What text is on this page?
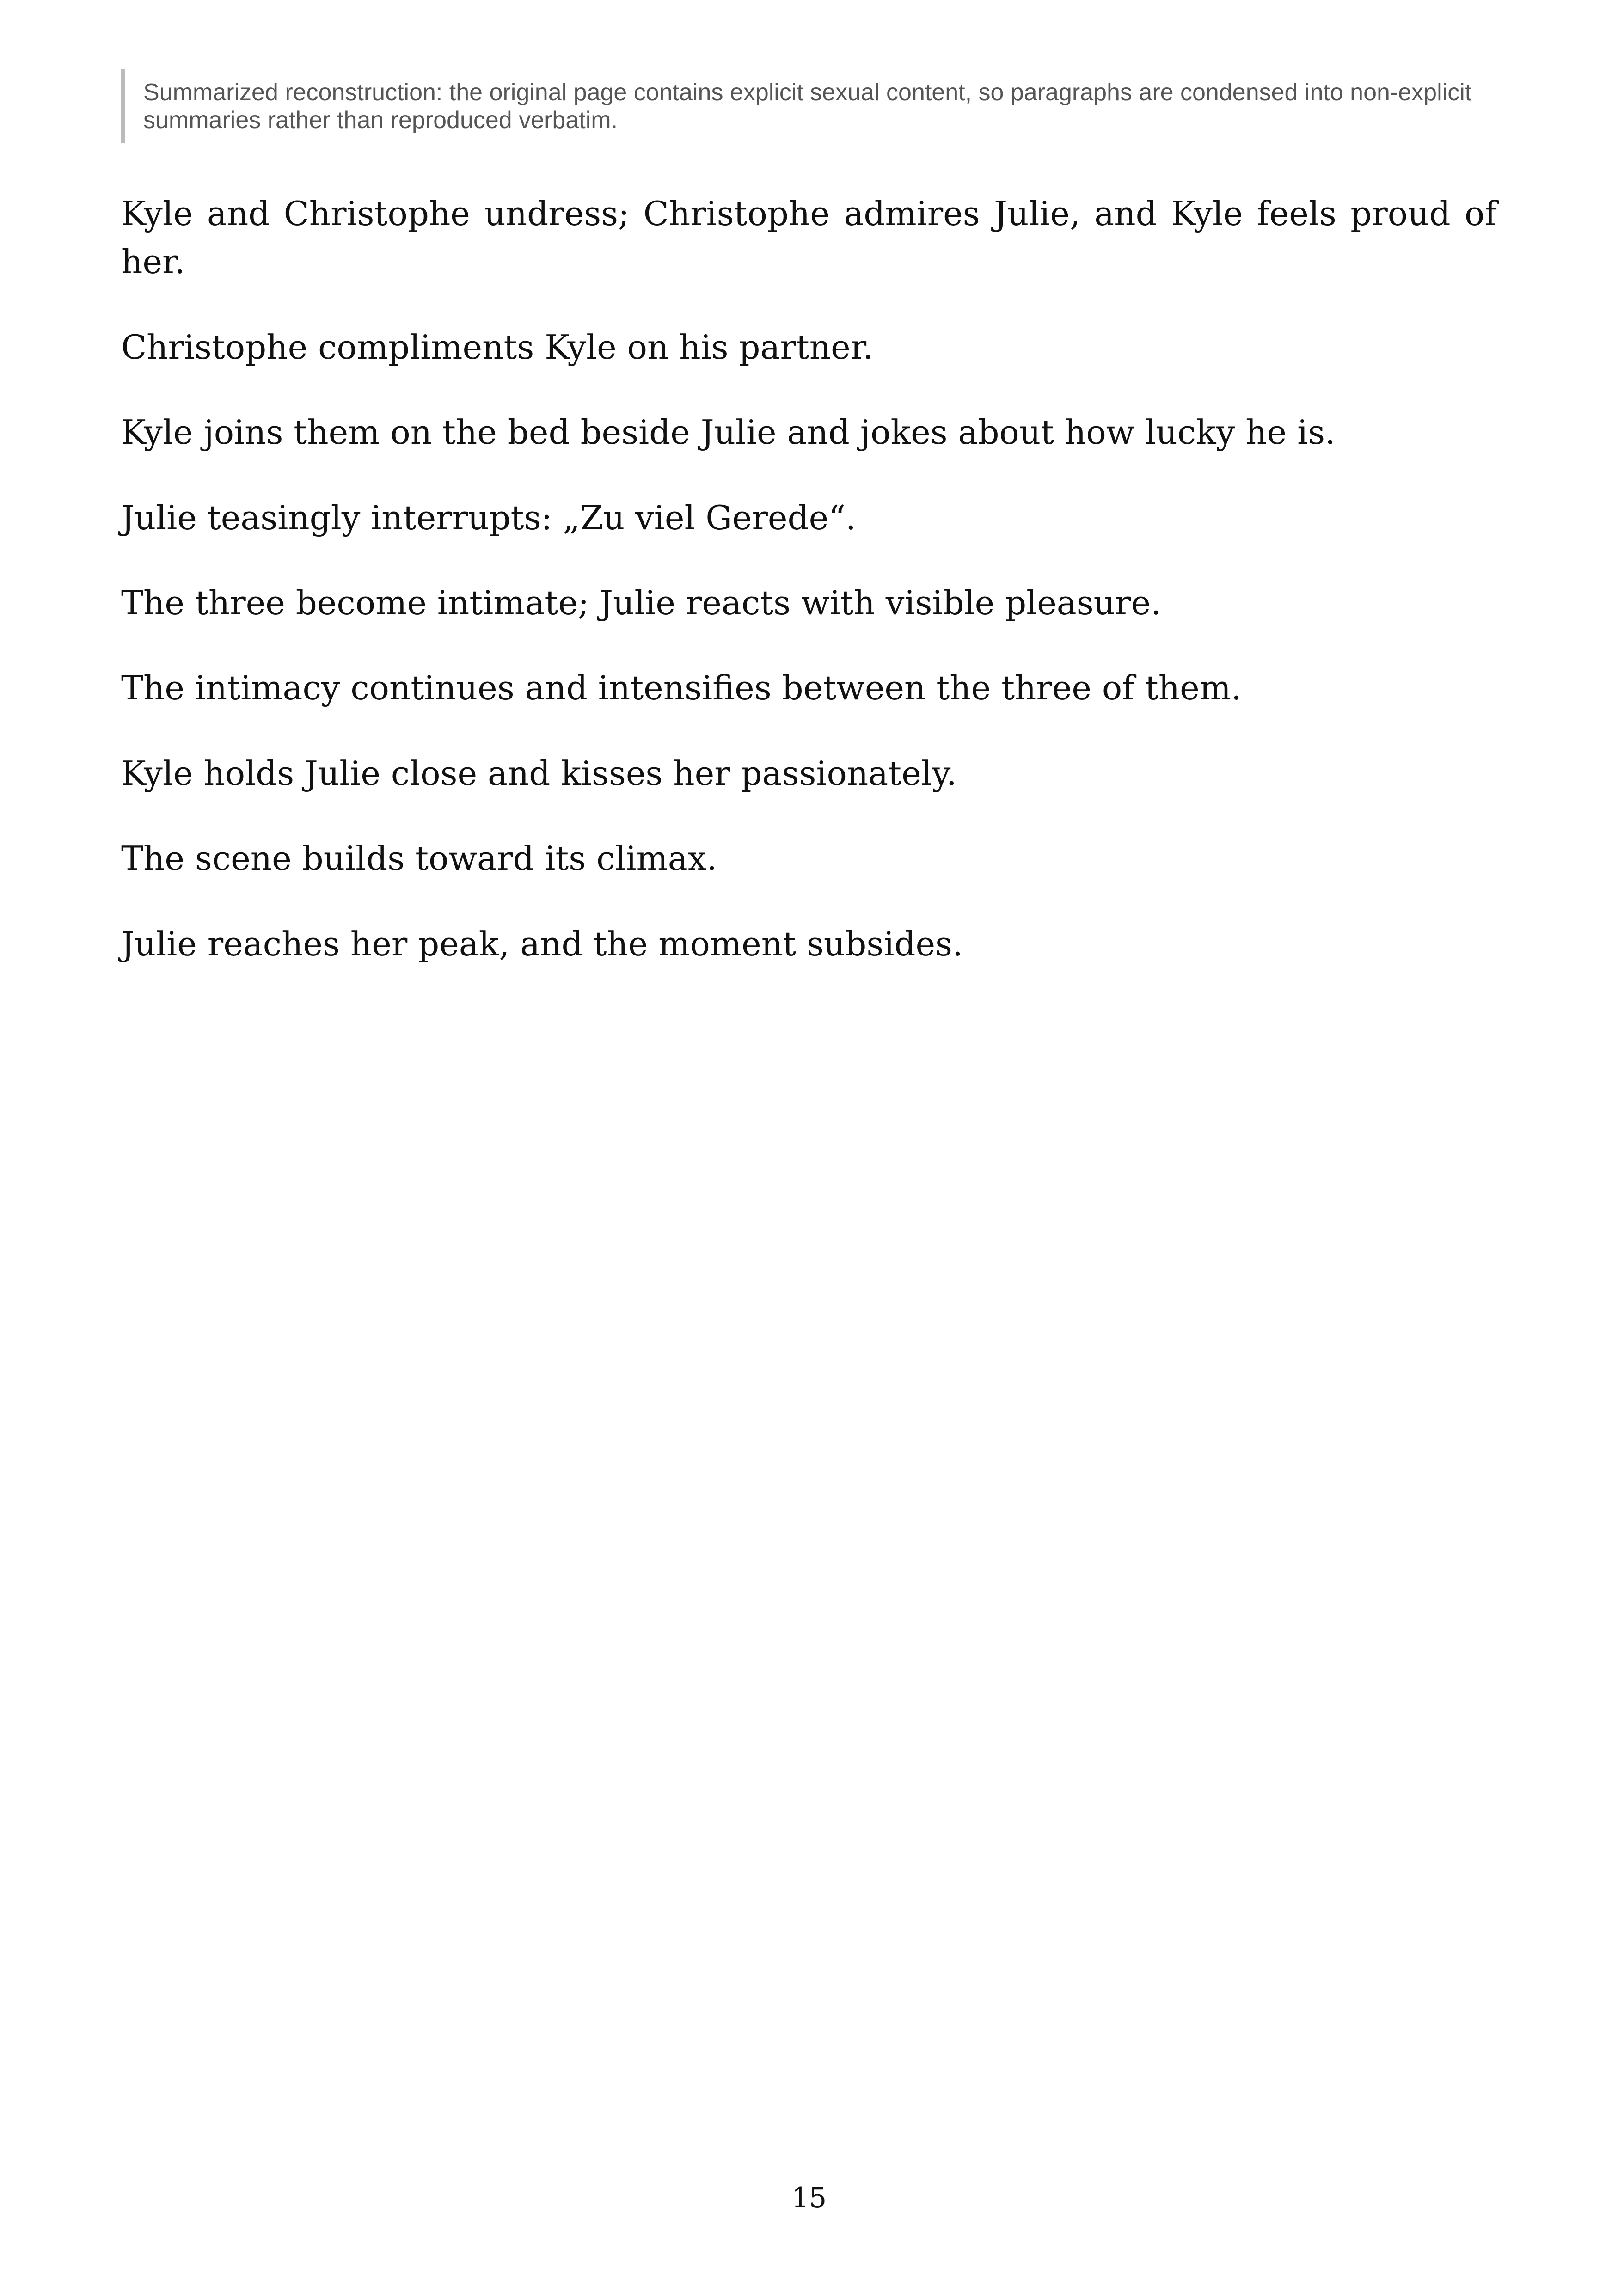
Summarized reconstruction: the original page contains explicit sexual content, so paragraphs are condensed into non-explicit summaries rather than reproduced verbatim.

Kyle and Christophe undress; Christophe admires Julie, and Kyle feels proud of her.

Christophe compliments Kyle on his partner.

Kyle joins them on the bed beside Julie and jokes about how lucky he is.

Julie teasingly interrupts: „Zu viel Gerede“.

The three become intimate; Julie reacts with visible pleasure.

The intimacy continues and intensifies between the three of them.

Kyle holds Julie close and kisses her passionately.

The scene builds toward its climax.

Julie reaches her peak, and the moment subsides.

15
